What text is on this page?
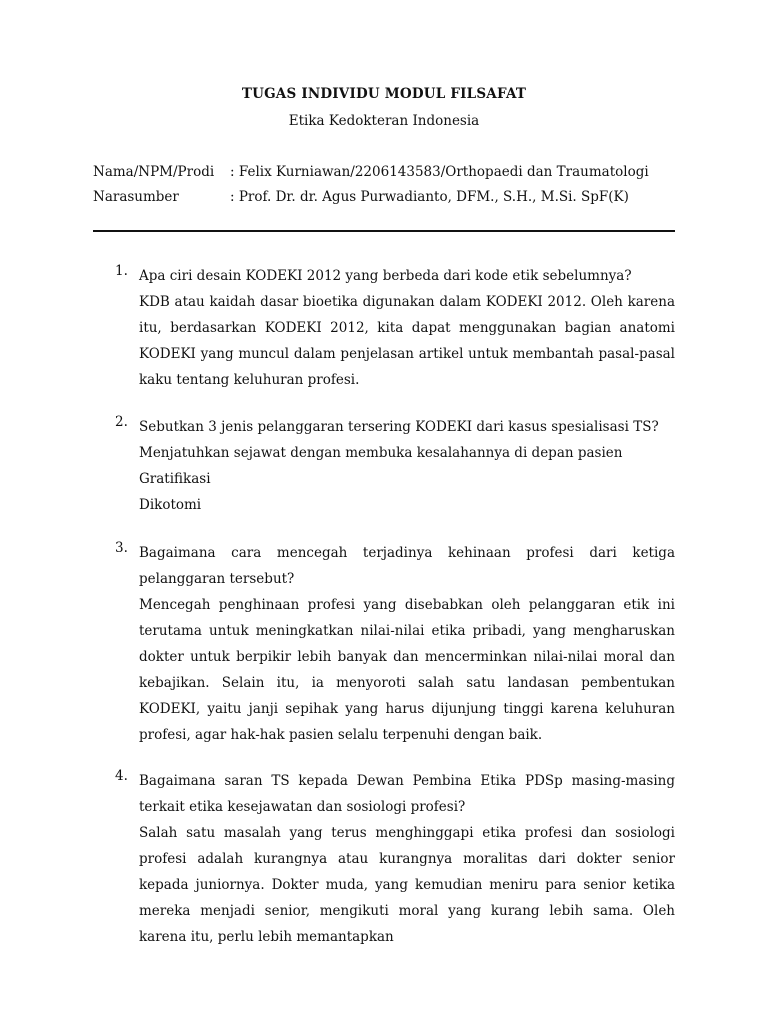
TUGAS INDIVIDU MODUL FILSAFAT
Etika Kedokteran Indonesia
Nama/NPM/Prodi : Felix Kurniawan/2206143583/Orthopaedi dan Traumatologi
Narasumber	: Prof. Dr. dr. Agus Purwadianto, DFM., S.H., M.Si. SpF(K)
1. Apa ciri desain KODEKI 2012 yang berbeda dari kode etik sebelumnya?
KDB atau kaidah dasar bioetika digunakan dalam KODEKI 2012. Oleh karena itu, berdasarkan KODEKI 2012, kita dapat menggunakan bagian anatomi KODEKI yang muncul dalam penjelasan artikel untuk membantah pasal-pasal kaku tentang keluhuran profesi.
2. Sebutkan 3 jenis pelanggaran tersering KODEKI dari kasus spesialisasi TS?
Menjatuhkan sejawat dengan membuka kesalahannya di depan pasien
Gratifikasi
Dikotomi
3. Bagaimana cara mencegah terjadinya kehinaan profesi dari ketiga pelanggaran tersebut?
Mencegah penghinaan profesi yang disebabkan oleh pelanggaran etik ini terutama untuk meningkatkan nilai-nilai etika pribadi, yang mengharuskan dokter untuk berpikir lebih banyak dan mencerminkan nilai-nilai moral dan kebajikan. Selain itu, ia menyoroti salah satu landasan pembentukan KODEKI, yaitu janji sepihak yang harus dijunjung tinggi karena keluhuran profesi, agar hak-hak pasien selalu terpenuhi dengan baik.
4. Bagaimana saran TS kepada Dewan Pembina Etika PDSp masing-masing terkait etika kesejawatan dan sosiologi profesi?
Salah satu masalah yang terus menghinggapi etika profesi dan sosiologi profesi adalah kurangnya atau kurangnya moralitas dari dokter senior kepada juniornya. Dokter muda, yang kemudian meniru para senior ketika mereka menjadi senior, mengikuti moral yang kurang lebih sama. Oleh karena itu, perlu lebih memantapkan
